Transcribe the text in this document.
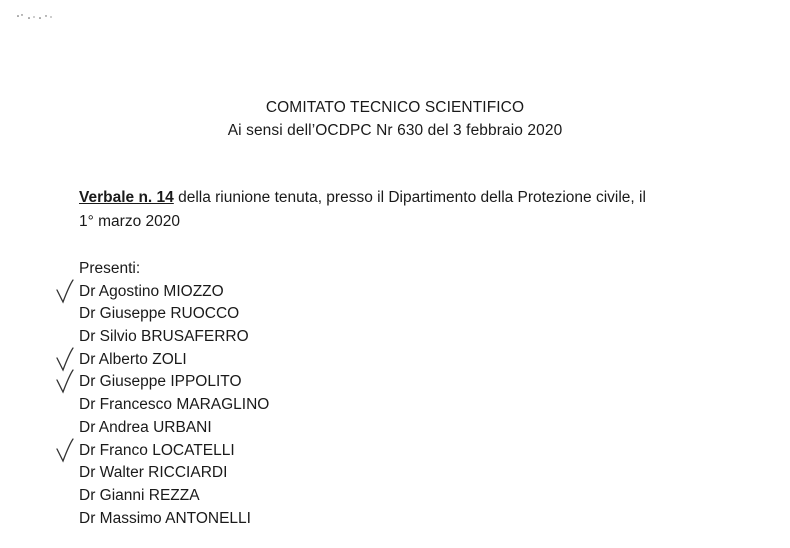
COMITATO TECNICO SCIENTIFICO
Ai sensi dell’OCDPC Nr 630 del 3 febbraio 2020
Verbale n. 14 della riunione tenuta, presso il Dipartimento della Protezione civile, il
1° marzo 2020
Presenti:
Dr Agostino MIOZZO
Dr Giuseppe RUOCCO
Dr Silvio BRUSAFERRO
Dr Alberto ZOLI
Dr Giuseppe IPPOLITO
Dr Francesco MARAGLINO
Dr Andrea URBANI
Dr Franco LOCATELLI
Dr Walter RICCIARDI
Dr Gianni REZZA
Dr Massimo ANTONELLI
